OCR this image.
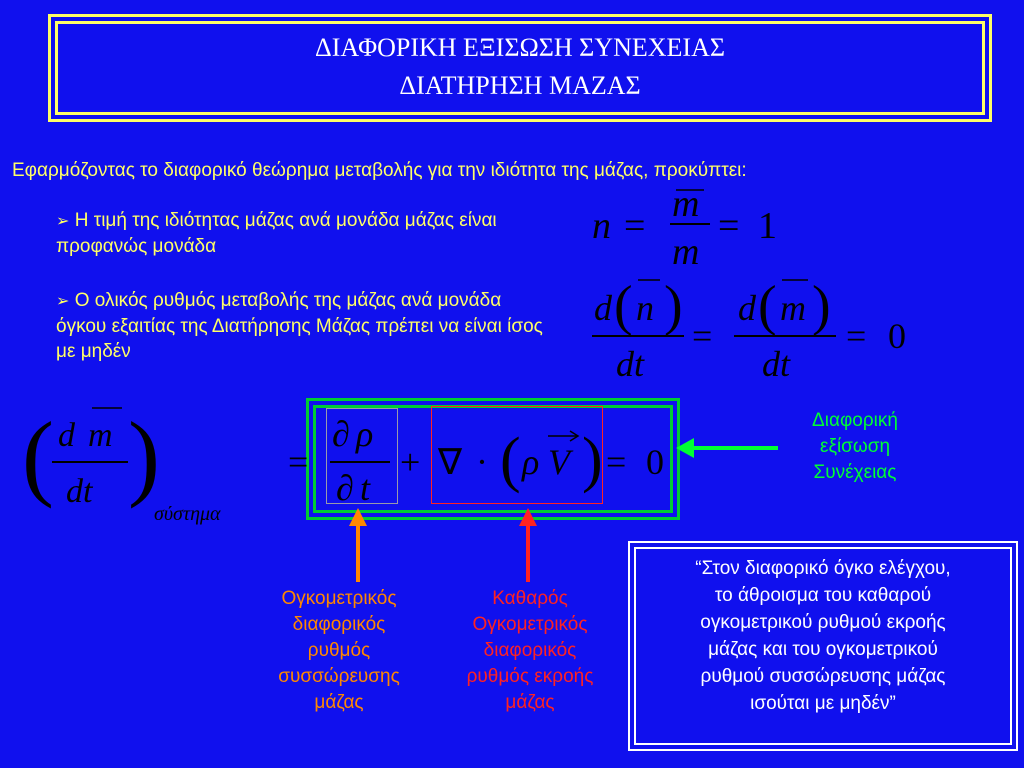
ΔΙΑΦΟΡΙΚΗ ΕΞΙΣΩΣΗ ΣΥΝΕΧΕΙΑΣ
ΔΙΑΤΗΡΗΣΗ ΜΑΖΑΣ
Εφαρμόζοντας το διαφορικό θεώρημα μεταβολής για την ιδιότητα της μάζας, προκύπτει:
➢ Η τιμή της ιδιότητας μάζας ανά μονάδα μάζας είναι προφανώς μονάδα
➢ Ο ολικός ρυθμός μεταβολής της μάζας ανά μονάδα όγκου εξαιτίας της Διατήρησης Μάζας πρέπει να είναι ίσος με μηδέν
n =
m
m
= 1
d ( n )
dt
=
d ( m )
dt
= 0
( d m
dt )
σύστημα
=
∂ ρ
∂ t
+ ∇ · ( ρ V ) = 0
Διαφορική
εξίσωση
Συνέχειας
Ογκομετρικός
διαφορικός
ρυθμός
συσσώρευσης
μάζας
Καθαρός
Ογκομετρικός
διαφορικός
ρυθμός εκροής
μάζας
“Στον διαφορικό όγκο ελέγχου,
το άθροισμα του καθαρού
ογκομετρικού ρυθμού εκροής
μάζας και του ογκομετρικού
ρυθμού συσσώρευσης μάζας
ισούται με μηδέν”
